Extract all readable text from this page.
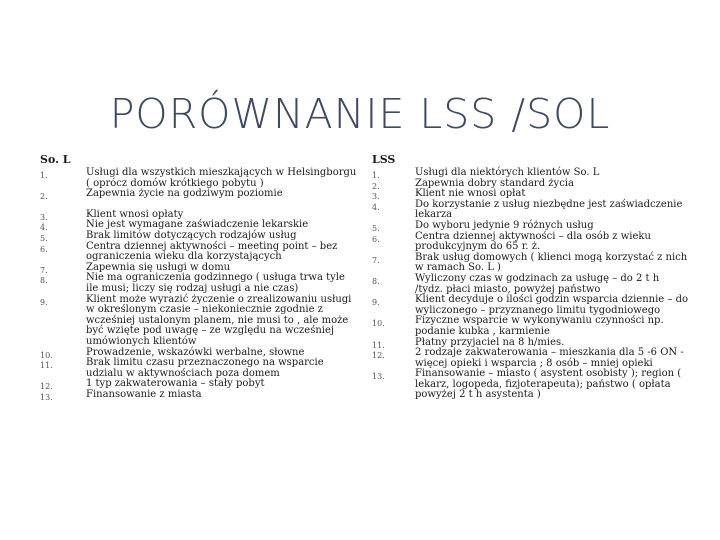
PORÓWNANIE LSS /SOL
So. L
1.	Usługi dla wszystkich mieszkających w Helsingborgu ( oprócz domów krótkiego pobytu )
2.	Zapewnia życie na godziwym poziomie
3.	Klient wnosi opłaty
4.	Nie jest wymagane zaświadczenie lekarskie
5.	Brak limitów dotyczących rodzajów usług
6.	Centra dziennej aktywności – meeting point – bez ograniczenia wieku dla korzystających
7.	Zapewnia się usługi w domu
8.	Nie ma ograniczenia godzinnego ( usługa trwa tyle ile musi; liczy się rodzaj usługi a nie czas)
9.	Klient może wyrazić życzenie o zrealizowaniu usługi w określonym czasie – niekoniecznie zgodnie z wcześniej ustalonym planem, nie musi to , ale może być wzięte pod uwagę – ze względu na wcześniej umówionych klientów
10.	Prowadzenie, wskazówki werbalne, słowne
11.	Brak limitu czasu przeznaczonego na wsparcie udzialu w aktywnościach poza domem
12.	1 typ zakwaterowania – stały pobyt
13.	Finansowanie z miasta
LSS
1.	Usługi dla niektórych klientów So. L
2.	Zapewnia dobry standard życia
3.	Klient nie wnosi opłat
4.	Do korzystanie z usług niezbędne jest zaświadczenie lekarza
5.	Do wyboru jedynie 9 różnych usług
6.	Centra dziennej aktywności – dla osób z wieku produkcyjnym do 65 r. ż.
7.	Brak usług domowych ( klienci mogą korzystać z nich w ramach So. L )
8.	Wyliczony czas w godzinach za usługę – do 2 t h /tydz. płaci miasto, powyżej państwo
9.	Klient decyduje o ilości godzin wsparcia dziennie – do wyliczonego – przyznanego limitu tygodniowego
10.	Fizyczne wsparcie w wykonywaniu czynności np. podanie kubka , karmienie
11.	Płatny przyjaciel na 8 h/mies.
12.	2 rodzaje zakwaterowania – mieszkania dla 5 -6 ON - więcej opieki i wsparcia ; 8 osób – mniej opieki
13.	Finansowanie – miasto ( asystent osobisty ); region ( lekarz, logopeda, fizjoterapeuta); państwo ( opłata powyżej 2 t h asystenta )
